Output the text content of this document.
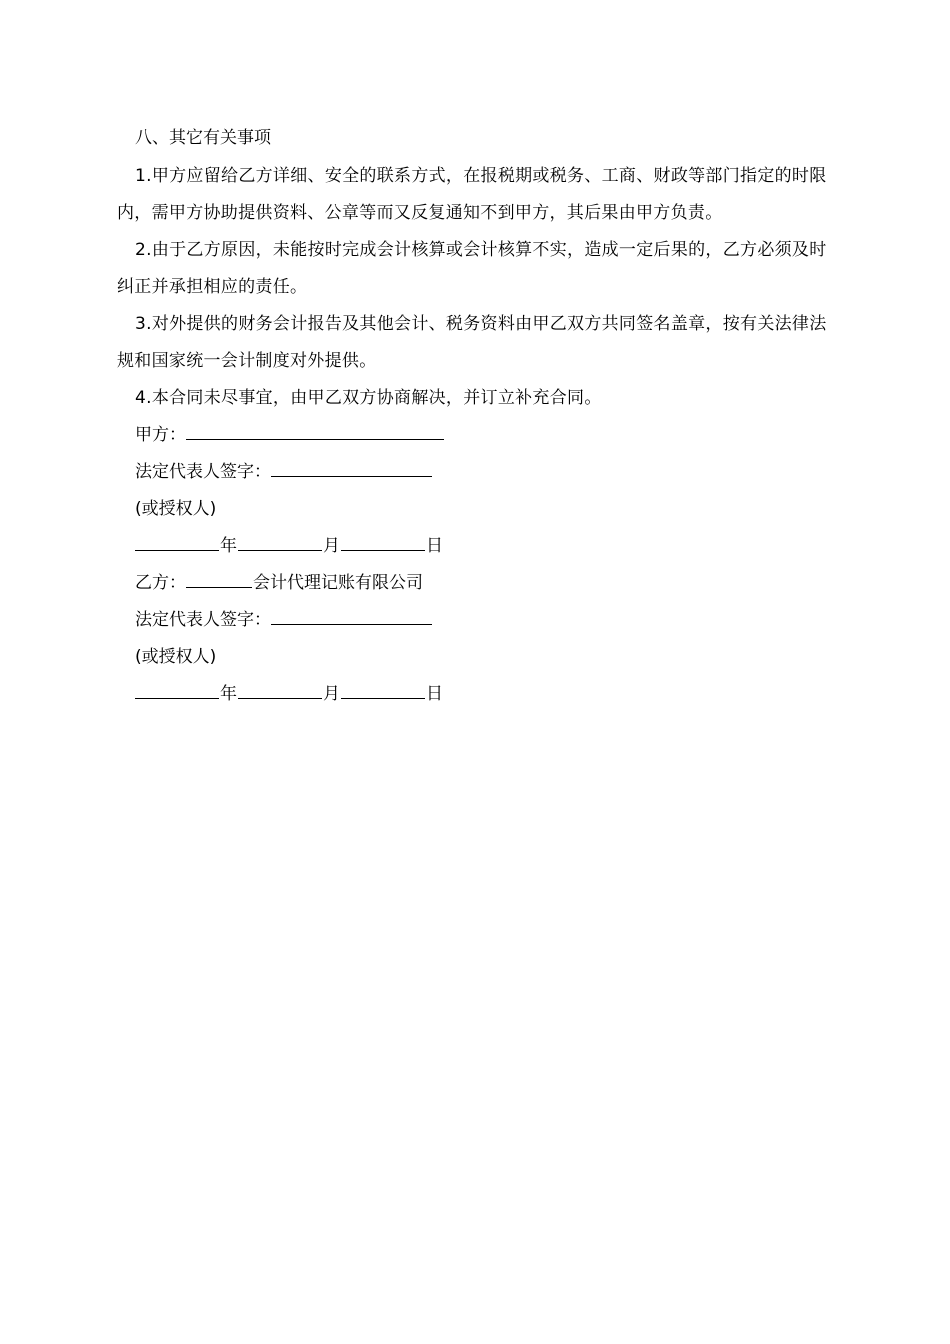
八、其它有关事项

1.甲方应留给乙方详细、安全的联系方式，在报税期或税务、工商、财政等部门指定的时限内，需甲方协助提供资料、公章等而又反复通知不到甲方，其后果由甲方负责。

2.由于乙方原因，未能按时完成会计核算或会计核算不实，造成一定后果的，乙方必须及时纠正并承担相应的责任。

3.对外提供的财务会计报告及其他会计、税务资料由甲乙双方共同签名盖章，按有关法律法规和国家统一会计制度对外提供。

4.本合同未尽事宜，由甲乙双方协商解决，并订立补充合同。

甲方：
法定代表人签字：
(或授权人)
年	月	日
乙方：	会计代理记账有限公司
法定代表人签字：
(或授权人)
年	月	日
